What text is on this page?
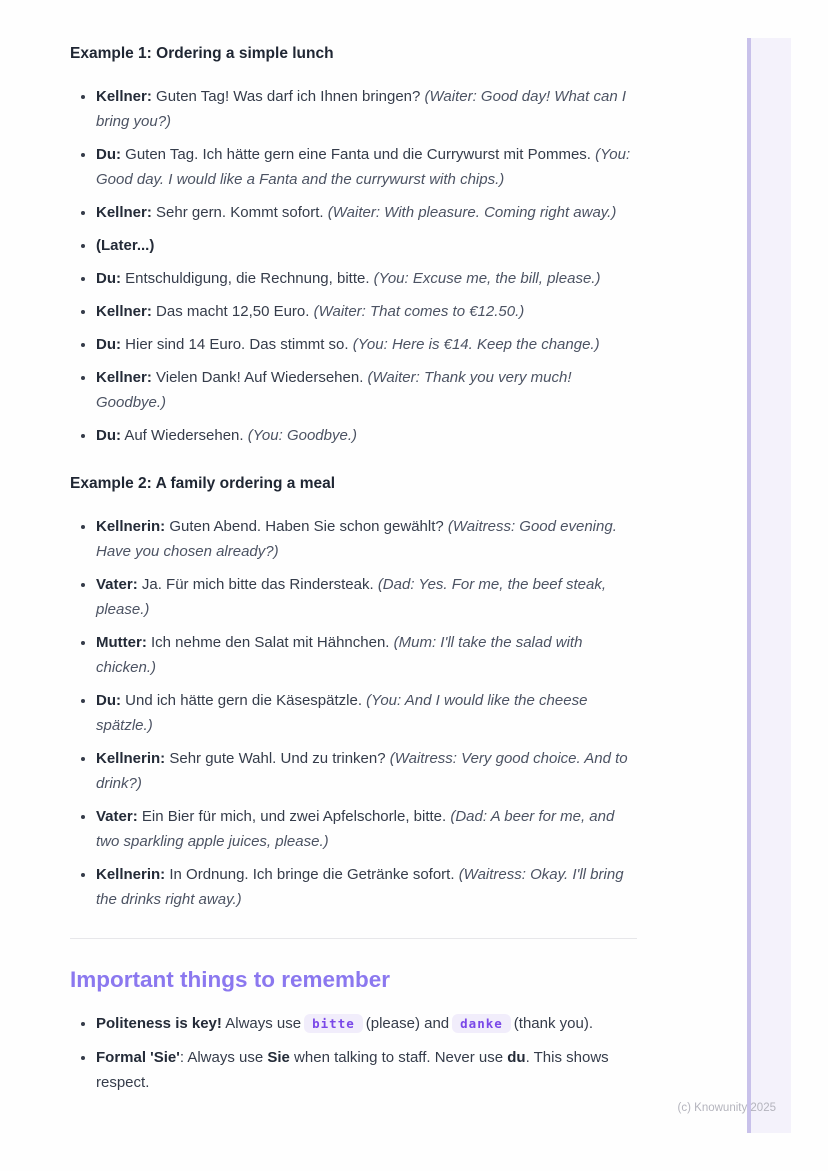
Example 1: Ordering a simple lunch
• Kellner: Guten Tag! Was darf ich Ihnen bringen? (Waiter: Good day! What can I bring you?)
• Du: Guten Tag. Ich hätte gern eine Fanta und die Currywurst mit Pommes. (You: Good day. I would like a Fanta and the currywurst with chips.)
• Kellner: Sehr gern. Kommt sofort. (Waiter: With pleasure. Coming right away.)
• (Later...)
• Du: Entschuldigung, die Rechnung, bitte. (You: Excuse me, the bill, please.)
• Kellner: Das macht 12,50 Euro. (Waiter: That comes to €12.50.)
• Du: Hier sind 14 Euro. Das stimmt so. (You: Here is €14. Keep the change.)
• Kellner: Vielen Dank! Auf Wiedersehen. (Waiter: Thank you very much! Goodbye.)
• Du: Auf Wiedersehen. (You: Goodbye.)
Example 2: A family ordering a meal
• Kellnerin: Guten Abend. Haben Sie schon gewählt? (Waitress: Good evening. Have you chosen already?)
• Vater: Ja. Für mich bitte das Rindersteak. (Dad: Yes. For me, the beef steak, please.)
• Mutter: Ich nehme den Salat mit Hähnchen. (Mum: I'll take the salad with chicken.)
• Du: Und ich hätte gern die Käsespätzle. (You: And I would like the cheese spätzle.)
• Kellnerin: Sehr gute Wahl. Und zu trinken? (Waitress: Very good choice. And to drink?)
• Vater: Ein Bier für mich, und zwei Apfelschorle, bitte. (Dad: A beer for me, and two sparkling apple juices, please.)
• Kellnerin: In Ordnung. Ich bringe die Getränke sofort. (Waitress: Okay. I'll bring the drinks right away.)
Important things to remember
• Politeness is key! Always use bitte (please) and danke (thank you).
• Formal 'Sie': Always use Sie when talking to staff. Never use du. This shows respect.
(c) Knowunity 2025
